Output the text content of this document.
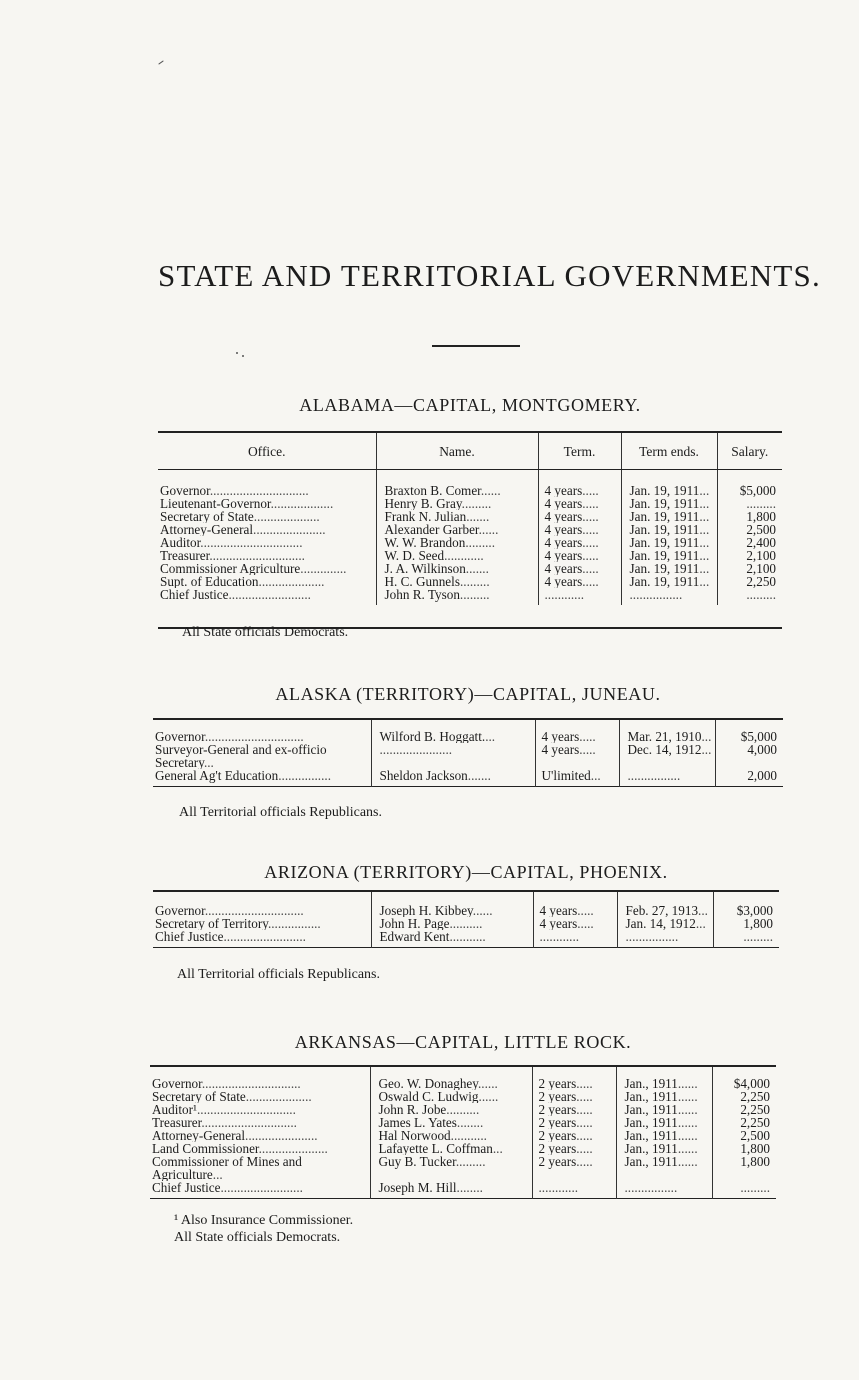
STATE AND TERRITORIAL GOVERNMENTS.
ALABAMA—CAPITAL, MONTGOMERY.
Office.	Name.	Term.	Term ends.	Salary.
Governor..............................	Braxton B. Comer......	4 years.....	Jan. 19, 1911...	$5,000
Lieutenant-Governor...................	Henry B. Gray.........	4 years.....	Jan. 19, 1911...	.........
Secretary of State....................	Frank N. Julian.......	4 years.....	Jan. 19, 1911...	1,800
Attorney-General......................	Alexander Garber......	4 years.....	Jan. 19, 1911...	2,500
Auditor...............................	W. W. Brandon.........	4 years.....	Jan. 19, 1911...	2,400
Treasurer.............................	W. D. Seed............	4 years.....	Jan. 19, 1911...	2,100
Commissioner Agriculture..............	J. A. Wilkinson.......	4 years.....	Jan. 19, 1911...	2,100
Supt. of Education....................	H. C. Gunnels.........	4 years.....	Jan. 19, 1911...	2,250
Chief Justice.........................	John R. Tyson.........	............	................	.........
All State officials Democrats.
ALASKA (TERRITORY)—CAPITAL, JUNEAU.
Governor..............................	Wilford B. Hoggatt....	4 years.....	Mar. 21, 1910...	$5,000
Surveyor-General and ex-officio Secretary...	......................	4 years.....	Dec. 14, 1912...	4,000
General Ag't Education................	Sheldon Jackson.......	U'limited...	................	2,000
All Territorial officials Republicans.
ARIZONA (TERRITORY)—CAPITAL, PHOENIX.
Governor..............................	Joseph H. Kibbey......	4 years.....	Feb. 27, 1913...	$3,000
Secretary of Territory................	John H. Page..........	4 years.....	Jan. 14, 1912...	1,800
Chief Justice.........................	Edward Kent...........	............	................	.........
All Territorial officials Republicans.
ARKANSAS—CAPITAL, LITTLE ROCK.
Governor..............................	Geo. W. Donaghey......	2 years.....	Jan., 1911......	$4,000
Secretary of State....................	Oswald C. Ludwig......	2 years.....	Jan., 1911......	2,250
Auditor¹..............................	John R. Jobe..........	2 years.....	Jan., 1911......	2,250
Treasurer.............................	James L. Yates........	2 years.....	Jan., 1911......	2,250
Attorney-General......................	Hal Norwood...........	2 years.....	Jan., 1911......	2,500
Land Commissioner.....................	Lafayette L. Coffman...	2 years.....	Jan., 1911......	1,800
Commissioner of Mines and Agriculture...	Guy B. Tucker.........	2 years.....	Jan., 1911......	1,800
Chief Justice.........................	Joseph M. Hill........	............	................	.........
¹ Also Insurance Commissioner.
All State officials Democrats.
